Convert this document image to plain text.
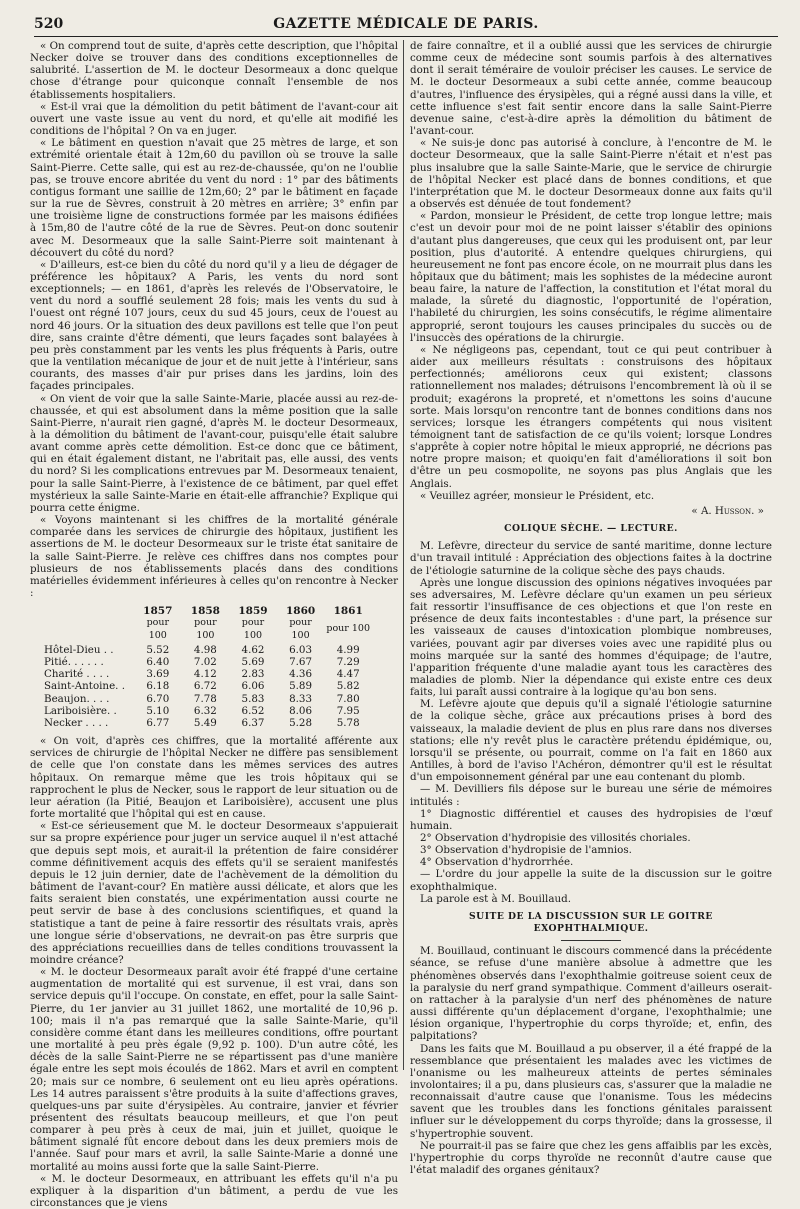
520	GAZETTE MÉDICALE DE PARIS.

« On comprend tout de suite, d'après cette description, que l'hôpital Necker doive se trouver dans des conditions exceptionnelles de salubrité. L'assertion de M. le docteur Desormeaux a donc quelque chose d'étrange pour quiconque connaît l'ensemble de nos établissements hospitaliers.

« Est-il vrai que la démolition du petit bâtiment de l'avant-cour ait ouvert une vaste issue au vent du nord, et qu'elle ait modifié les conditions de l'hôpital ? On va en juger.

« Le bâtiment en question n'avait que 25 mètres de large, et son extrémité orientale était à 12m,60 du pavillon où se trouve la salle Saint-Pierre. Cette salle, qui est au rez-de-chaussée, qu'on ne l'oublie pas, se trouve encore abritée du vent du nord : 1° par des bâtiments contigus formant une saillie de 12m,60; 2° par le bâtiment en façade sur la rue de Sèvres, construit à 20 mètres en arrière; 3° enfin par une troisième ligne de constructions formée par les maisons édifiées à 15m,80 de l'autre côté de la rue de Sèvres. Peut-on donc soutenir avec M. Desormeaux que la salle Saint-Pierre soit maintenant à découvert du côté du nord?

« D'ailleurs, est-ce bien du côté du nord qu'il y a lieu de dégager de préférence les hôpitaux? A Paris, les vents du nord sont exceptionnels; — en 1861, d'après les relevés de l'Observatoire, le vent du nord a soufflé seulement 28 fois; mais les vents du sud à l'ouest ont régné 107 jours, ceux du sud 45 jours, ceux de l'ouest au nord 46 jours. Or la situation des deux pavillons est telle que l'on peut dire, sans crainte d'être démenti, que leurs façades sont balayées à peu près constamment par les vents les plus fréquents à Paris, outre que la ventilation mécanique de jour et de nuit jette à l'intérieur, sans courants, des masses d'air pur prises dans les jardins, loin des façades principales.

« On vient de voir que la salle Sainte-Marie, placée aussi au rez-de-chaussée, et qui est absolument dans la même position que la salle Saint-Pierre, n'aurait rien gagné, d'après M. le docteur Desormeaux, à la démolition du bâtiment de l'avant-cour, puisqu'elle était salubre avant comme après cette démolition. Est-ce donc que ce bâtiment, qui en était également distant, ne l'abritait pas, elle aussi, des vents du nord? Si les complications entrevues par M. Desormeaux tenaient, pour la salle Saint-Pierre, à l'existence de ce bâtiment, par quel effet mystérieux la salle Sainte-Marie en était-elle affranchie? Explique qui pourra cette énigme.

« Voyons maintenant si les chiffres de la mortalité générale comparée dans les services de chirurgie des hôpitaux, justifient les assertions de M. le docteur Desormeaux sur le triste état sanitaire de la salle Saint-Pierre. Je relève ces chiffres dans nos comptes pour plusieurs de nos établissements placés dans des conditions matérielles évidemment inférieures à celles qu'on rencontre à Necker :

	1857	1858	1859	1860	1861
	pour 100	pour 100	pour 100	pour 100	pour 100
Hôtel-Dieu . .	5.52	4.98	4.62	6.03	4.99
Pitié. . . . . .	6.40	7.02	5.69	7.67	7.29
Charité . . . .	3.69	4.12	2.83	4.36	4.47
Saint-Antoine. .	6.18	6.72	6.06	5.89	5.82
Beaujon. . . .	6.70	7.78	5.83	8.33	7.80
Lariboisière. .	5.10	6.32	6.52	8.06	7.95
Necker . . . .	6.77	5.49	6.37	5.28	5.78

« On voit, d'après ces chiffres, que la mortalité afférente aux services de chirurgie de l'hôpital Necker ne diffère pas sensiblement de celle que l'on constate dans les mêmes services des autres hôpitaux. On remarque même que les trois hôpitaux qui se rapprochent le plus de Necker, sous le rapport de leur situation ou de leur aération (la Pitié, Beaujon et Lariboisière), accusent une plus forte mortalité que l'hôpital qui est en cause.

« Est-ce sérieusement que M. le docteur Desormeaux s'appuierait sur sa propre expérience pour juger un service auquel il n'est attaché que depuis sept mois, et aurait-il la prétention de faire considérer comme définitivement acquis des effets qu'il se seraient manifestés depuis le 12 juin dernier, date de l'achèvement de la démolition du bâtiment de l'avant-cour? En matière aussi délicate, et alors que les faits seraient bien constatés, une expérimentation aussi courte ne peut servir de base à des conclusions scientifiques, et quand la statistique a tant de peine à faire ressortir des résultats vrais, après une longue série d'observations, ne devrait-on pas être surpris que des appréciations recueillies dans de telles conditions trouvassent la moindre créance?

« M. le docteur Desormeaux paraît avoir été frappé d'une certaine augmentation de mortalité qui est survenue, il est vrai, dans son service depuis qu'il l'occupe. On constate, en effet, pour la salle Saint-Pierre, du 1er janvier au 31 juillet 1862, une mortalité de 10,96 p. 100; mais il n'a pas remarqué que la salle Sainte-Marie, qu'il considère comme étant dans les meilleures conditions, offre pourtant une mortalité à peu près égale (9,92 p. 100). D'un autre côté, les décès de la salle Saint-Pierre ne se répartissent pas d'une manière égale entre les sept mois écoulés de 1862. Mars et avril en comptent 20; mais sur ce nombre, 6 seulement ont eu lieu après opérations. Les 14 autres paraissent s'être produits à la suite d'affections graves, quelques-uns par suite d'érysipèles. Au contraire, janvier et février présentent des résultats beaucoup meilleurs, et que l'on peut comparer à peu près à ceux de mai, juin et juillet, quoique le bâtiment signalé fût encore debout dans les deux premiers mois de l'année. Sauf pour mars et avril, la salle Sainte-Marie a donné une mortalité au moins aussi forte que la salle Saint-Pierre.

« M. le docteur Desormeaux, en attribuant les effets qu'il n'a pu expliquer à la disparition d'un bâtiment, a perdu de vue les circonstances que je viens

de faire connaître, et il a oublié aussi que les services de chirurgie comme ceux de médecine sont soumis parfois à des alternatives dont il serait téméraire de vouloir préciser les causes. Le service de M. le docteur Desormeaux a subi cette année, comme beaucoup d'autres, l'influence des érysipèles, qui a régné aussi dans la ville, et cette influence s'est fait sentir encore dans la salle Saint-Pierre devenue saine, c'est-à-dire après la démolition du bâtiment de l'avant-cour.

« Ne suis-je donc pas autorisé à conclure, à l'encontre de M. le docteur Desormeaux, que la salle Saint-Pierre n'était et n'est pas plus insalubre que la salle Sainte-Marie, que le service de chirurgie de l'hôpital Necker est placé dans de bonnes conditions, et que l'interprétation que M. le docteur Desormeaux donne aux faits qu'il a observés est dénuée de tout fondement?

« Pardon, monsieur le Président, de cette trop longue lettre; mais c'est un devoir pour moi de ne point laisser s'établir des opinions d'autant plus dangereuses, que ceux qui les produisent ont, par leur position, plus d'autorité. A entendre quelques chirurgiens, qui heureusement ne font pas encore école, on ne mourrait plus dans les hôpitaux que du bâtiment; mais les sophistes de la médecine auront beau faire, la nature de l'affection, la constitution et l'état moral du malade, la sûreté du diagnostic, l'opportunité de l'opération, l'habileté du chirurgien, les soins consécutifs, le régime alimentaire approprié, seront toujours les causes principales du succès ou de l'insuccès des opérations de la chirurgie.

« Ne négligeons pas, cependant, tout ce qui peut contribuer à aider aux meilleurs résultats : construisons des hôpitaux perfectionnés; améliorons ceux qui existent; classons rationnellement nos malades; détruisons l'encombrement là où il se produit; exagérons la propreté, et n'omettons les soins d'aucune sorte. Mais lorsqu'on rencontre tant de bonnes conditions dans nos services; lorsque les étrangers compétents qui nous visitent témoignent tant de satisfaction de ce qu'ils voient; lorsque Londres s'apprête à copier notre hôpital le mieux approprié, ne décrions pas notre propre maison; et quoiqu'en fait d'améliorations il soit bon d'être un peu cosmopolite, ne soyons pas plus Anglais que les Anglais.

« Veuillez agréer, monsieur le Président, etc.

« A. Husson. »
COLIQUE SÈCHE. — LECTURE.

M. Lefèvre, directeur du service de santé maritime, donne lecture d'un travail intitulé : Appréciation des objections faites à la doctrine de l'étiologie saturnine de la colique sèche des pays chauds.

Après une longue discussion des opinions négatives invoquées par ses adversaires, M. Lefèvre déclare qu'un examen un peu sérieux fait ressortir l'insuffisance de ces objections et que l'on reste en présence de deux faits incontestables : d'une part, la présence sur les vaisseaux de causes d'intoxication plombique nombreuses, variées, pouvant agir par diverses voies avec une rapidité plus ou moins marquée sur la santé des hommes d'équipage; de l'autre, l'apparition fréquente d'une maladie ayant tous les caractères des maladies de plomb. Nier la dépendance qui existe entre ces deux faits, lui paraît aussi contraire à la logique qu'au bon sens.

M. Lefèvre ajoute que depuis qu'il a signalé l'étiologie saturnine de la colique sèche, grâce aux précautions prises à bord des vaisseaux, la maladie devient de plus en plus rare dans nos diverses stations; elle n'y revêt plus le caractère prétendu épidémique, ou, lorsqu'il se présente, ou pourrait, comme on l'a fait en 1860 aux Antilles, à bord de l'aviso l'Achéron, démontrer qu'il est le résultat d'un empoisonnement général par une eau contenant du plomb.

— M. Devilliers fils dépose sur le bureau une série de mémoires intitulés :

1° Diagnostic différentiel et causes des hydropisies de l'œuf humain.

2° Observation d'hydropisie des villosités choriales.

3° Observation d'hydropisie de l'amnios.

4° Observation d'hydrorrhée.

— L'ordre du jour appelle la suite de la discussion sur le goitre exophthalmique.

La parole est à M. Bouillaud.

SUITE DE LA DISCUSSION SUR LE GOITRE EXOPHTHALMIQUE.

M. Bouillaud, continuant le discours commencé dans la précédente séance, se refuse d'une manière absolue à admettre que les phénomènes observés dans l'exophthalmie goitreuse soient ceux de la paralysie du nerf grand sympathique. Comment d'ailleurs oserait-on rattacher à la paralysie d'un nerf des phénomènes de nature aussi différente qu'un déplacement d'organe, l'exophthalmie; une lésion organique, l'hypertrophie du corps thyroïde; et, enfin, des palpitations?

Dans les faits que M. Bouillaud a pu observer, il a été frappé de la ressemblance que présentaient les malades avec les victimes de l'onanisme ou les malheureux atteints de pertes séminales involontaires; il a pu, dans plusieurs cas, s'assurer que la maladie ne reconnaissait d'autre cause que l'onanisme. Tous les médecins savent que les troubles dans les fonctions génitales paraissent influer sur le développement du corps thyroïde; dans la grossesse, il s'hypertrophie souvent.

Ne pourrait-il pas se faire que chez les gens affaiblis par les excès, l'hypertrophie du corps thyroïde ne reconnût d'autre cause que l'état maladif des organes génitaux?
